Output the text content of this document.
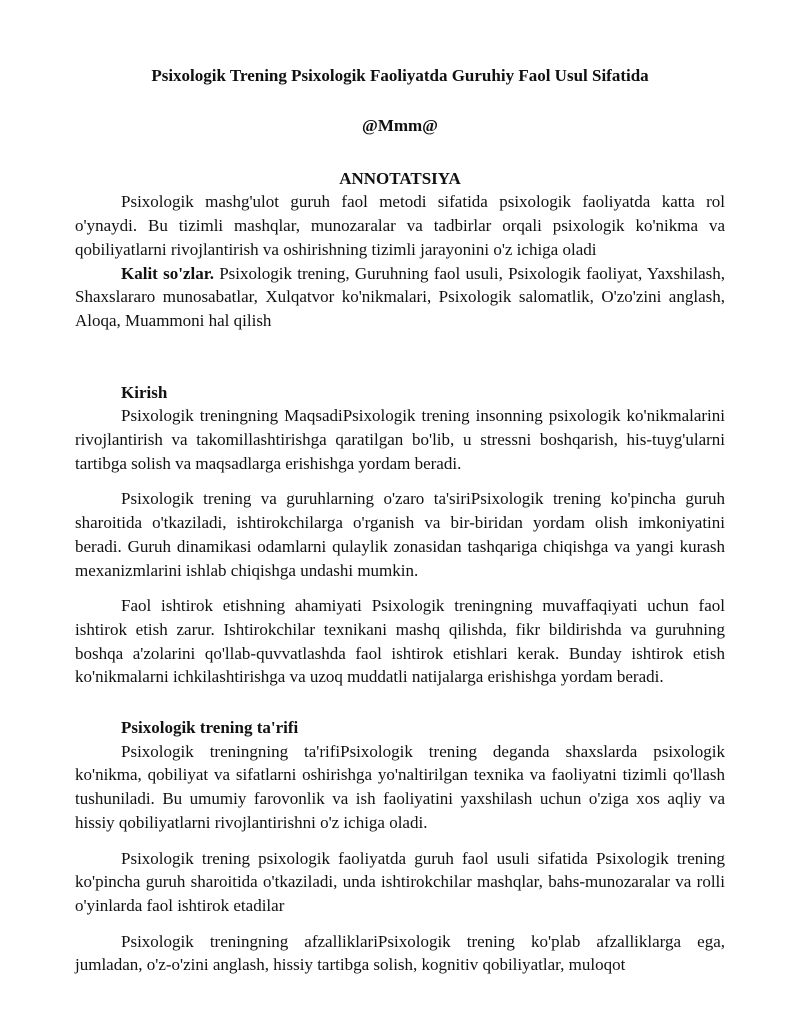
Psixologik Trening Psixologik Faoliyatda Guruhiy Faol Usul Sifatida
@Mmm@
ANNOTATSIYA

Psixologik mashg'ulot guruh faol metodi sifatida psixologik faoliyatda katta rol o'ynaydi. Bu tizimli mashqlar, munozaralar va tadbirlar orqali psixologik ko'nikma va qobiliyatlarni rivojlantirish va oshirishning tizimli jarayonini o'z ichiga oladi

Kalit so'zlar. Psixologik trening, Guruhning faol usuli, Psixologik faoliyat, Yaxshilash, Shaxslararo munosabatlar, Xulqatvor ko'nikmalari, Psixologik salomatlik, O'zo'zini anglash, Aloqa, Muammoni hal qilish

Kirish

Psixologik treningning MaqsadiPsixologik trening insonning psixologik ko'nikmalarini rivojlantirish va takomillashtirishga qaratilgan bo'lib, u stressni boshqarish, his-tuyg'ularni tartibga solish va maqsadlarga erishishga yordam beradi.

Psixologik trening va guruhlarning o'zaro ta'siriPsixologik trening ko'pincha guruh sharoitida o'tkaziladi, ishtirokchilarga o'rganish va bir-biridan yordam olish imkoniyatini beradi. Guruh dinamikasi odamlarni qulaylik zonasidan tashqariga chiqishga va yangi kurash mexanizmlarini ishlab chiqishga undashi mumkin.

Faol ishtirok etishning ahamiyati Psixologik treningning muvaffaqiyati uchun faol ishtirok etish zarur. Ishtirokchilar texnikani mashq qilishda, fikr bildirishda va guruhning boshqa a'zolarini qo'llab-quvvatlashda faol ishtirok etishlari kerak. Bunday ishtirok etish ko'nikmalarni ichkilashtirishga va uzoq muddatli natijalarga erishishga yordam beradi.

Psixologik trening ta'rifi

Psixologik treningning ta'rifiPsixologik trening deganda shaxslarda psixologik ko'nikma, qobiliyat va sifatlarni oshirishga yo'naltirilgan texnika va faoliyatni tizimli qo'llash tushuniladi. Bu umumiy farovonlik va ish faoliyatini yaxshilash uchun o'ziga xos aqliy va hissiy qobiliyatlarni rivojlantirishni o'z ichiga oladi.

Psixologik trening psixologik faoliyatda guruh faol usuli sifatida Psixologik trening ko'pincha guruh sharoitida o'tkaziladi, unda ishtirokchilar mashqlar, bahs-munozaralar va rolli o'yinlarda faol ishtirok etadilar

Psixologik treningning afzalliklariPsixologik trening ko'plab afzalliklarga ega, jumladan, o'z-o'zini anglash, hissiy tartibga solish, kognitiv qobiliyatlar, muloqot
